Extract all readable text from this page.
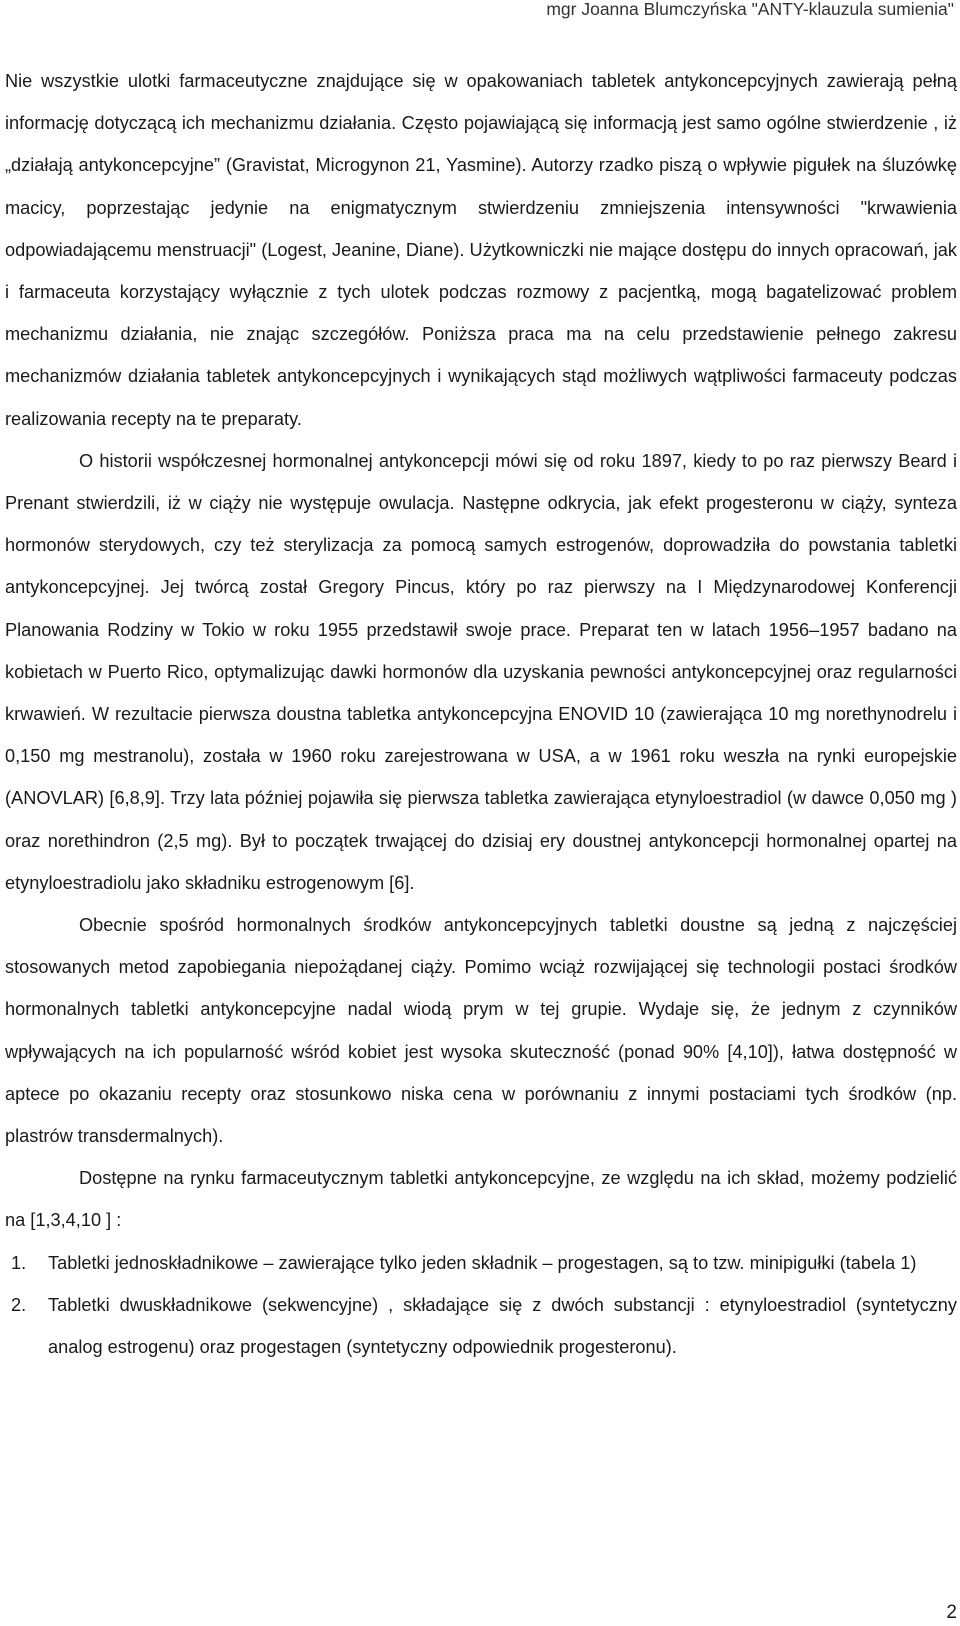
mgr Joanna Blumczyńska "ANTY-klauzula sumienia"

Nie wszystkie ulotki farmaceutyczne znajdujące się w opakowaniach tabletek antykoncepcyjnych zawierają pełną informację dotyczącą ich mechanizmu działania. Często pojawiającą się informacją jest samo ogólne stwierdzenie , iż „działają antykoncepcyjne” (Gravistat, Microgynon 21, Yasmine). Autorzy rzadko piszą o wpływie pigułek na śluzówkę macicy, poprzestając jedynie na enigmatycznym stwierdzeniu zmniejszenia intensywności "krwawienia odpowiadającemu menstruacji" (Logest, Jeanine, Diane). Użytkowniczki nie mające dostępu do innych opracowań, jak i farmaceuta korzystający wyłącznie z tych ulotek podczas rozmowy z pacjentką, mogą bagatelizować problem mechanizmu działania, nie znając szczegółów. Poniższa praca ma na celu przedstawienie pełnego zakresu mechanizmów działania tabletek antykoncepcyjnych i wynikających stąd możliwych wątpliwości farmaceuty podczas realizowania recepty na te preparaty.

O historii współczesnej hormonalnej antykoncepcji mówi się od roku 1897, kiedy to po raz pierwszy Beard i Prenant stwierdzili, iż w ciąży nie występuje owulacja. Następne odkrycia, jak efekt progesteronu w ciąży, synteza hormonów sterydowych, czy też sterylizacja za pomocą samych estrogenów, doprowadziła do powstania tabletki antykoncepcyjnej. Jej twórcą został Gregory Pincus, który po raz pierwszy na I Międzynarodowej Konferencji Planowania Rodziny w Tokio w roku 1955 przedstawił swoje prace. Preparat ten w latach 1956–1957 badano na kobietach w Puerto Rico, optymalizując dawki hormonów dla uzyskania pewności antykoncepcyjnej oraz regularności krwawień. W rezultacie pierwsza doustna tabletka antykoncepcyjna ENOVID 10 (zawierająca 10 mg norethynodrelu i 0,150 mg mestranolu), została w 1960 roku zarejestrowana w USA, a w 1961 roku weszła na rynki europejskie (ANOVLAR) [6,8,9]. Trzy lata później pojawiła się pierwsza tabletka zawierająca etynyloestradiol (w dawce 0,050 mg ) oraz norethindron (2,5 mg). Był to początek trwającej do dzisiaj ery doustnej antykoncepcji hormonalnej opartej na etynyloestradiolu jako składniku estrogenowym [6].

Obecnie spośród hormonalnych środków antykoncepcyjnych tabletki doustne są jedną z najczęściej stosowanych metod zapobiegania niepożądanej ciąży. Pomimo wciąż rozwijającej się technologii postaci środków hormonalnych tabletki antykoncepcyjne nadal wiodą prym w tej grupie. Wydaje się, że jednym z czynników wpływających na ich popularność wśród kobiet jest wysoka skuteczność (ponad 90% [4,10]), łatwa dostępność w aptece po okazaniu recepty oraz stosunkowo niska cena w porównaniu z innymi postaciami tych środków (np. plastrów transdermalnych).

Dostępne na rynku farmaceutycznym tabletki antykoncepcyjne, ze względu na ich skład, możemy podzielić na [1,3,4,10 ] :

1. Tabletki jednoskładnikowe – zawierające tylko jeden składnik – progestagen, są to tzw. minipigułki (tabela 1)
2. Tabletki dwuskładnikowe (sekwencyjne) , składające się z dwóch substancji : etynyloestradiol (syntetyczny analog estrogenu) oraz progestagen (syntetyczny odpowiednik progesteronu).
2
